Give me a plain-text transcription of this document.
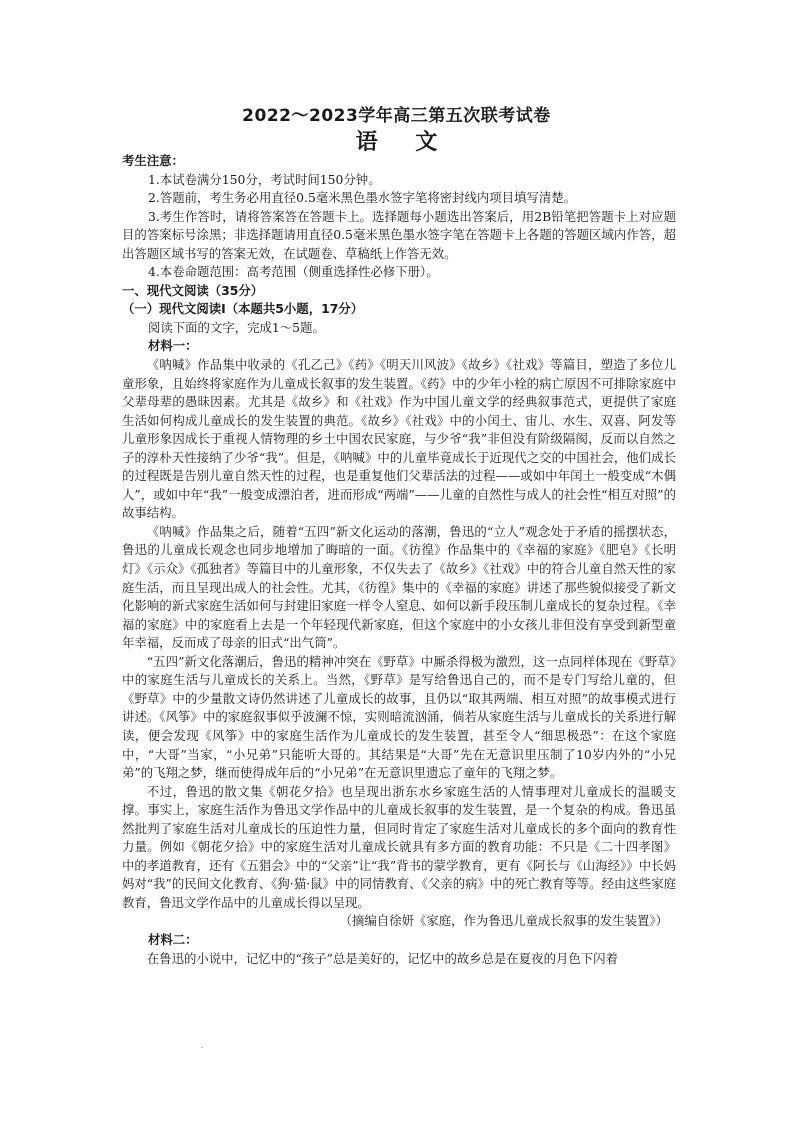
2022～2023学年高三第五次联考试卷
语 文

考生注意：

1.本试卷满分150分，考试时间150分钟。

2.答题前，考生务必用直径0.5毫米黑色墨水签字笔将密封线内项目填写清楚。

3.考生作答时，请将答案答在答题卡上。选择题每小题选出答案后，用2B铅笔把答题卡上对应题目的答案标号涂黑；非选择题请用直径0.5毫米黑色墨水签字笔在答题卡上各题的答题区域内作答，超出答题区域书写的答案无效，在试题卷、草稿纸上作答无效。

4.本卷命题范围：高考范围（侧重选择性必修下册）。

一、现代文阅读（35分）

（一）现代文阅读Ⅰ（本题共5小题，17分）

阅读下面的文字，完成1～5题。

材料一：

《呐喊》作品集中收录的《孔乙己》《药》《明天川风波》《故乡》《社戏》等篇目，塑造了多位儿童形象，且始终将家庭作为儿童成长叙事的发生装置。《药》中的少年小栓的病亡原因不可排除家庭中父辈母辈的愚昧因素。尤其是《故乡》和《社戏》作为中国儿童文学的经典叙事范式，更提供了家庭生活如何构成儿童成长的发生装置的典范。《故乡》《社戏》中的小闰土、宙儿、水生、双喜、阿发等儿童形象因成长于重视人情物理的乡土中国农民家庭，与少爷“我”非但没有阶级隔阂，反而以自然之子的淳朴天性接纳了少爷“我”。但是，《呐喊》中的儿童毕竟成长于近现代之交的中国社会，他们成长的过程既是告别儿童自然天性的过程，也是重复他们父辈活法的过程——或如中年闰土一般变成“木偶人”，或如中年“我”一般变成漂泊者，进而形成“两端”——儿童的自然性与成人的社会性“相互对照”的故事结构。

《呐喊》作品集之后，随着“五四”新文化运动的落潮，鲁迅的“立人”观念处于矛盾的摇摆状态，鲁迅的儿童成长观念也同步地增加了晦暗的一面。《彷徨》作品集中的《幸福的家庭》《肥皂》《长明灯》《示众》《孤独者》等篇目中的儿童形象，不仅失去了《故乡》《社戏》中的符合儿童自然天性的家庭生活，而且呈现出成人的社会性。尤其，《彷徨》集中的《幸福的家庭》讲述了那些貌似接受了新文化影响的新式家庭生活如何与封建旧家庭一样令人窒息、如何以新手段压制儿童成长的复杂过程。《幸福的家庭》中的家庭看上去是一个年轻现代新家庭，但这个家庭中的小女孩儿非但没有享受到新型童年幸福，反而成了母亲的旧式“出气筒”。

“五四”新文化落潮后，鲁迅的精神冲突在《野草》中厮杀得极为激烈，这一点同样体现在《野草》中的家庭生活与儿童成长的关系上。当然，《野草》是写给鲁迅自己的，而不是专门写给儿童的，但《野草》中的少量散文诗仍然讲述了儿童成长的故事，且仍以“取其两端、相互对照”的故事模式进行讲述。《风筝》中的家庭叙事似乎波澜不惊，实则暗流汹涌，倘若从家庭生活与儿童成长的关系进行解读，便会发现《风筝》中的家庭生活作为儿童成长的发生装置，甚至令人“细思极恐”：在这个家庭中，“大哥”当家，“小兄弟”只能听大哥的。其结果是“大哥”先在无意识里压制了10岁内外的“小兄弟”的飞翔之梦，继而使得成年后的“小兄弟”在无意识里遗忘了童年的飞翔之梦。

不过，鲁迅的散文集《朝花夕拾》也呈现出浙东水乡家庭生活的人情事理对儿童成长的温暖支撑。事实上，家庭生活作为鲁迅文学作品中的儿童成长叙事的发生装置，是一个复杂的构成。鲁迅虽然批判了家庭生活对儿童成长的压迫性力量，但同时肯定了家庭生活对儿童成长的多个面向的教育性力量。例如《朝花夕拾》中的家庭生活对儿童成长就具有多方面的教育功能：不只是《二十四孝图》中的孝道教育，还有《五猖会》中的“父亲”让“我”背书的蒙学教育，更有《阿长与《山海经》》中长妈妈对“我”的民间文化教育、《狗·猫·鼠》中的同情教育、《父亲的病》中的死亡教育等等。经由这些家庭教育，鲁迅文学作品中的儿童成长得以呈现。

（摘编自徐妍《家庭，作为鲁迅儿童成长叙事的发生装置》）

材料二：

在鲁迅的小说中，记忆中的“孩子”总是美好的，记忆中的故乡总是在夏夜的月色下闪着
